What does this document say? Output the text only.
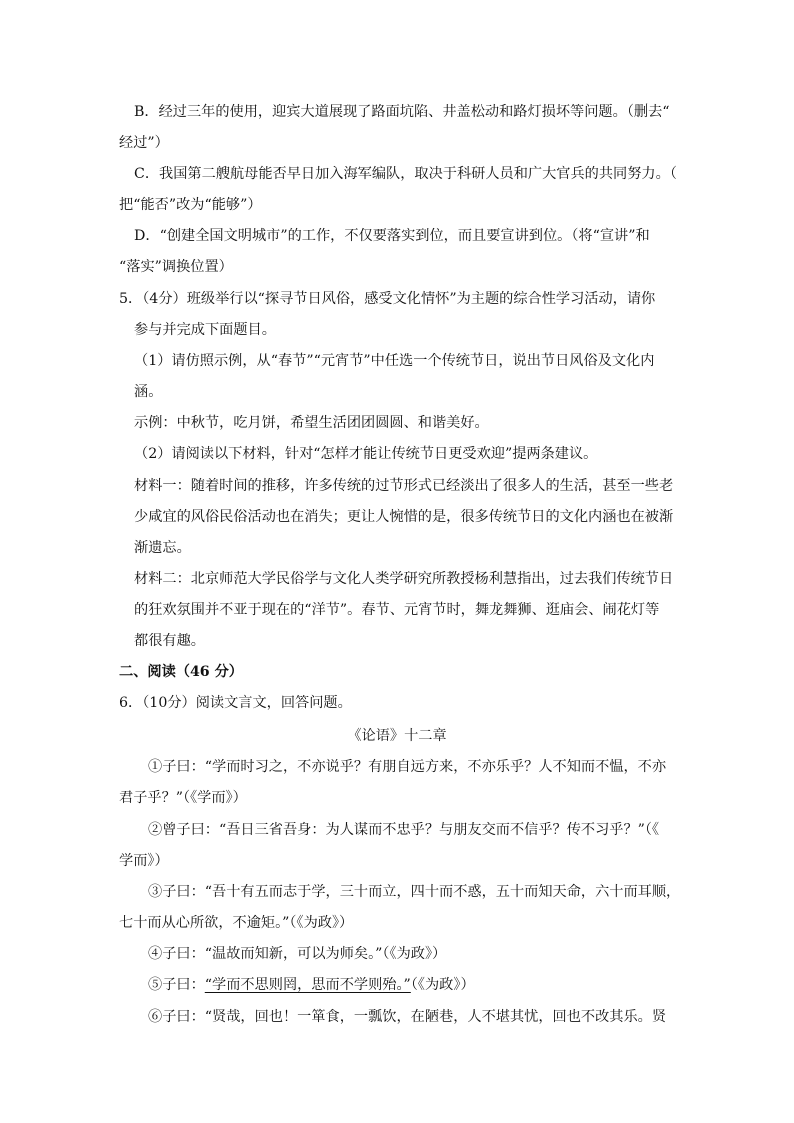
B．经过三年的使用，迎宾大道展现了路面坑陷、井盖松动和路灯损坏等问题。（删去“
经过”）
C．我国第二艘航母能否早日加入海军编队，取决于科研人员和广大官兵的共同努力。（
把“能否”改为“能够”）
D．“创建全国文明城市”的工作，不仅要落实到位，而且要宣讲到位。（将“宣讲”和
“落实”调换位置）
5．（4分）班级举行以“探寻节日风俗，感受文化情怀”为主题的综合性学习活动，请你
参与并完成下面题目。
（1）请仿照示例，从“春节”“元宵节”中任选一个传统节日，说出节日风俗及文化内
涵。
示例：中秋节，吃月饼，希望生活团团圆圆、和谐美好。
（2）请阅读以下材料，针对“怎样才能让传统节日更受欢迎”提两条建议。
材料一：随着时间的推移，许多传统的过节形式已经淡出了很多人的生活，甚至一些老
少咸宜的风俗民俗活动也在消失；更让人惋惜的是，很多传统节日的文化内涵也在被渐
渐遗忘。
材料二：北京师范大学民俗学与文化人类学研究所教授杨利慧指出，过去我们传统节日
的狂欢氛围并不亚于现在的“洋节”。春节、元宵节时，舞龙舞狮、逛庙会、闹花灯等
都很有趣。
二、阅读（46 分）
6．（10分）阅读文言文，回答问题。
《论语》十二章
①子曰：“学而时习之，不亦说乎？有朋自远方来，不亦乐乎？人不知而不愠，不亦
君子乎？”（《学而》）
②曾子曰：“吾日三省吾身：为人谋而不忠乎？与朋友交而不信乎？传不习乎？”（《
学而》）
③子曰：“吾十有五而志于学，三十而立，四十而不惑，五十而知天命，六十而耳顺，
七十而从心所欲，不逾矩。”（《为政》）
④子曰：“温故而知新，可以为师矣。”（《为政》）
⑤子曰：“学而不思则罔，思而不学则殆。”（《为政》）
⑥子曰：“贤哉，回也！一箪食，一瓢饮，在陋巷，人不堪其忧，回也不改其乐。贤
